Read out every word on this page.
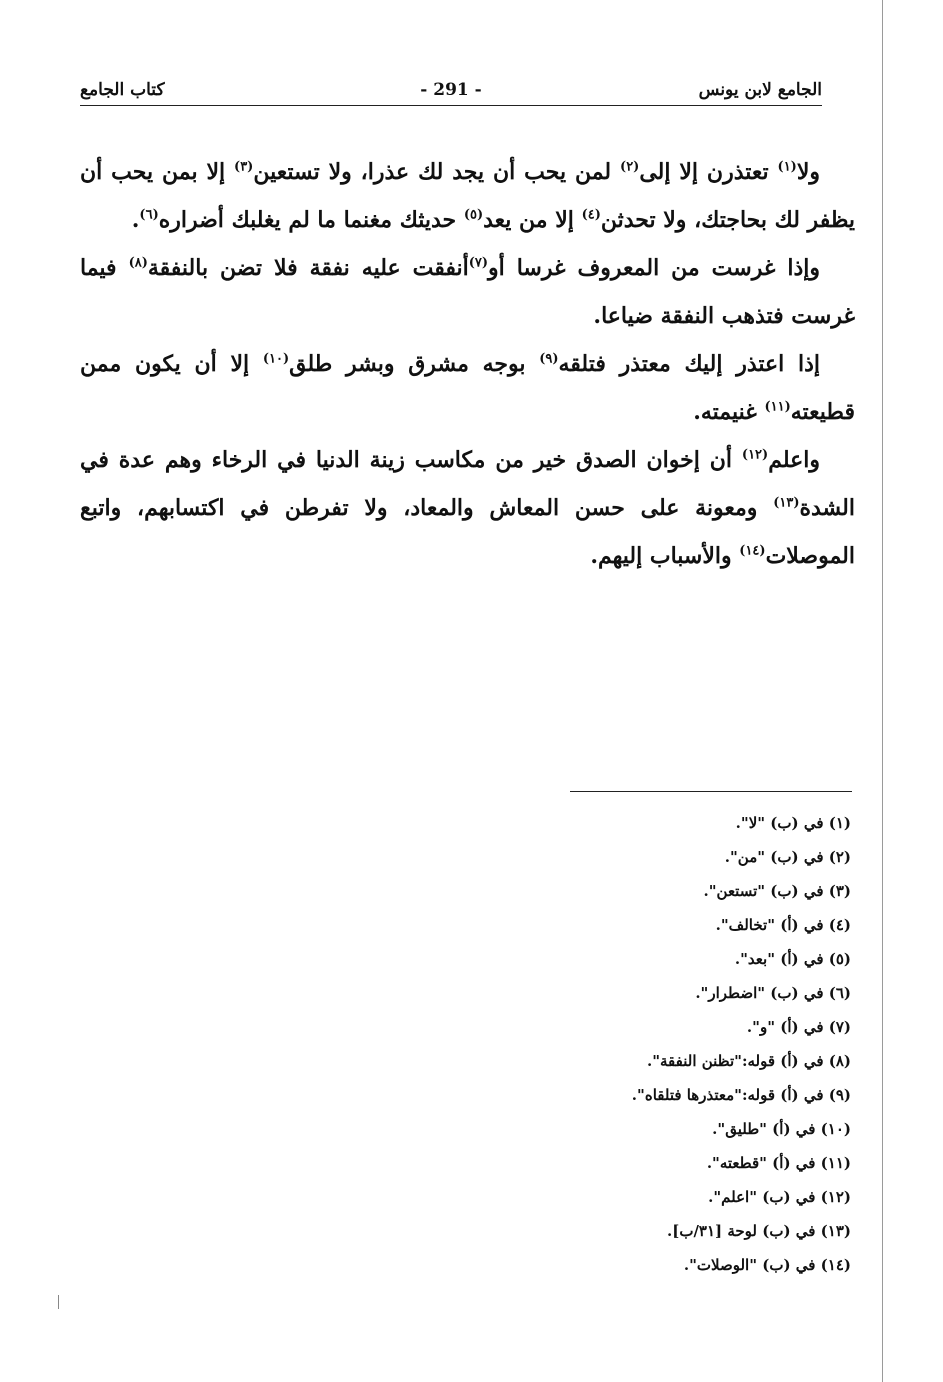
الجامع لابن يونس
- 291 -
كتاب الجامع

ولا$^{(١)}$ تعتذرن إلا إلى$^{(٢)}$ لمن يحب أن يجد لك عذرا، ولا تستعين$^{(٣)}$ إلا بمن يحب أن يظفر لك بحاجتك، ولا تحدثن$^{(٤)}$ إلا من يعد$^{(٥)}$ حديثك مغنما ما لم يغلبك أضراره$^{(٦)}$.

وإذا غرست من المعروف غرسا أو$^{(٧)}$أنفقت عليه نفقة فلا تضن بالنفقة$^{(٨)}$ فيما غرست فتذهب النفقة ضياعا.

إذا اعتذر إليك معتذر فتلقه$^{(٩)}$ بوجه مشرق وبشر طلق$^{(١٠)}$ إلا أن يكون ممن قطيعته$^{(١١)}$ غنيمته.

واعلم$^{(١٢)}$ أن إخوان الصدق خير من مكاسب زينة الدنيا في الرخاء وهم عدة في الشدة$^{(١٣)}$ ومعونة على حسن المعاش والمعاد، ولا تفرطن في اكتسابهم، واتبع الموصلات$^{(١٤)}$ والأسباب إليهم.

(١) في (ب) "لا".
(٢) في (ب) "من".
(٣) في (ب) "تستعن".
(٤) في (أ) "تخالف".
(٥) في (أ) "بعد".
(٦) في (ب) "اضطرار".
(٧) في (أ) "و".
(٨) في (أ) قوله:"تظنن النفقة".
(٩) في (أ) قوله:"معتذرها فتلقاه".
(١٠) في (أ) "طليق".
(١١) في (أ) "قطعته".
(١٢) في (ب) "اعلم".
(١٣) في (ب) لوحة [٣١/ب].
(١٤) في (ب) "الوصلات".
